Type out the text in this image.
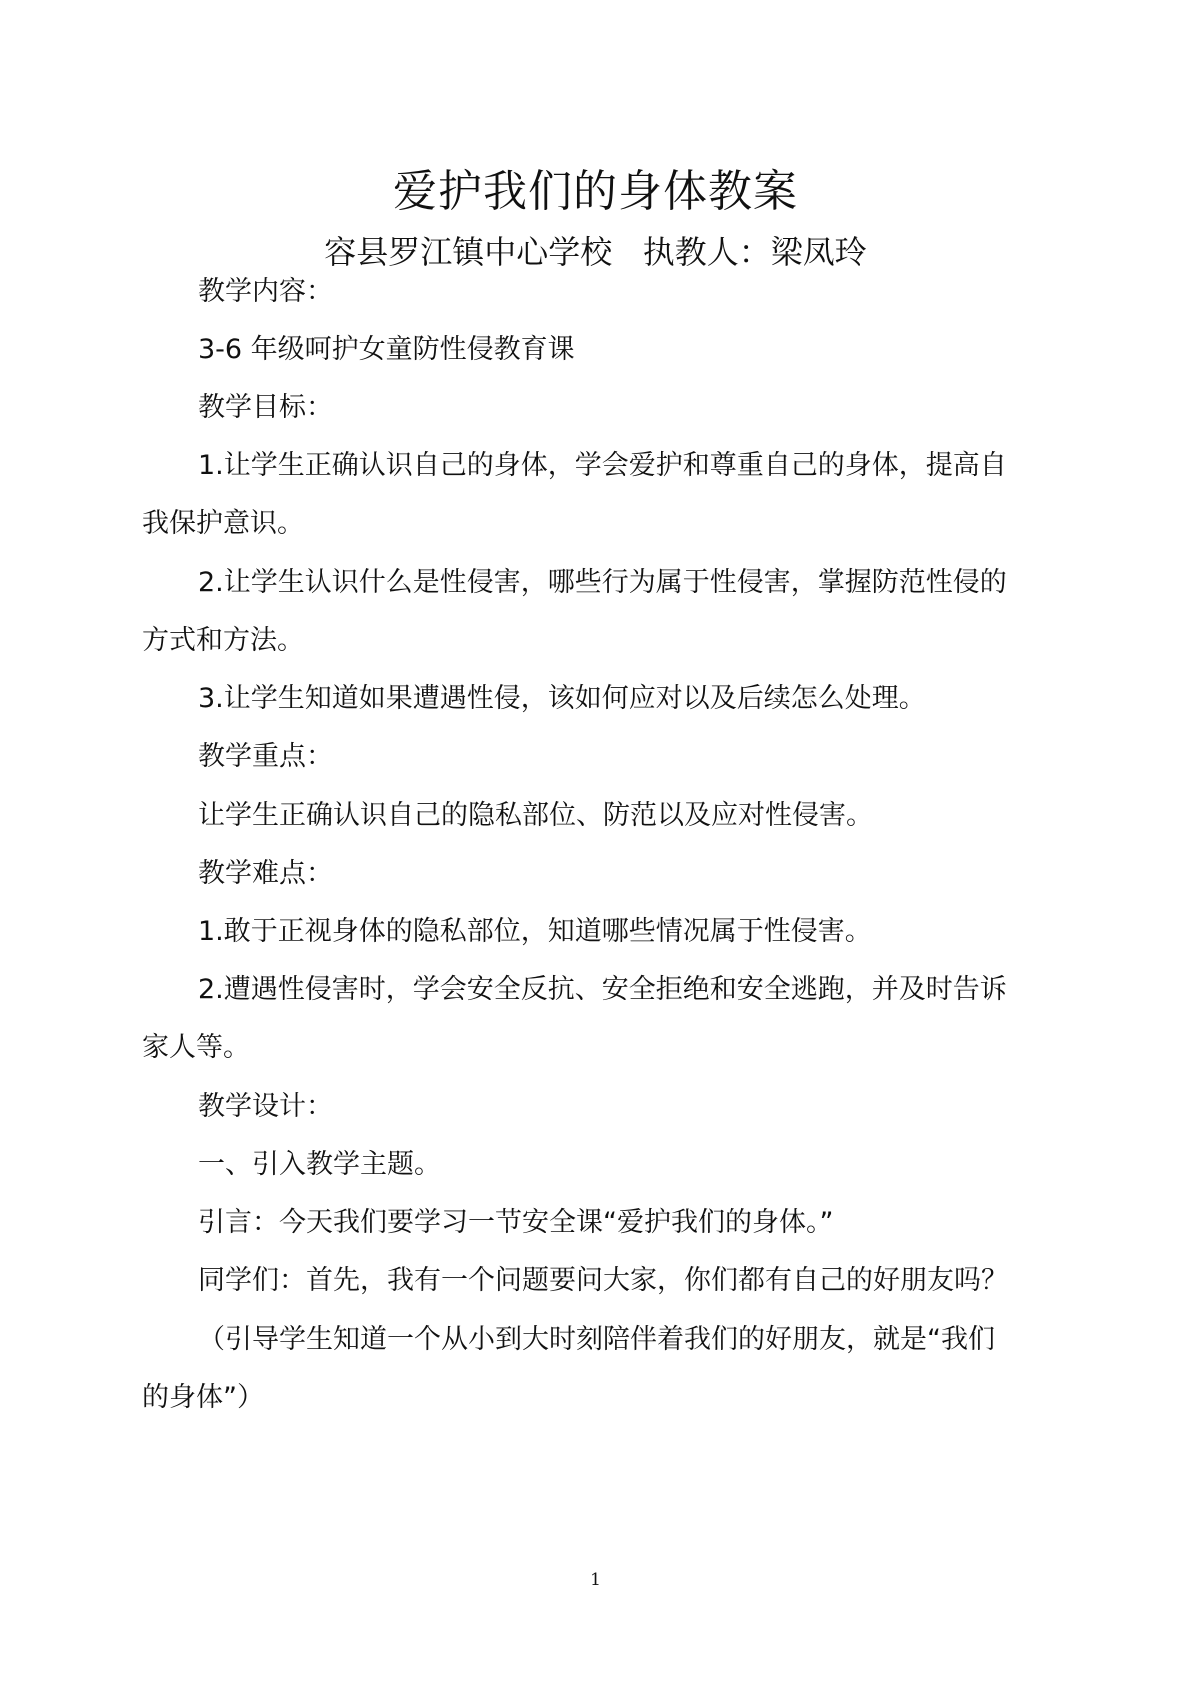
爱护我们的身体教案
容县罗江镇中心学校   执教人：梁凤玲
教学内容：
3-6 年级呵护女童防性侵教育课
教学目标：
1.让学生正确认识自己的身体，学会爱护和尊重自己的身体，提高自
我保护意识。
2.让学生认识什么是性侵害，哪些行为属于性侵害，掌握防范性侵的
方式和方法。
3.让学生知道如果遭遇性侵，该如何应对以及后续怎么处理。
教学重点：
让学生正确认识自己的隐私部位、防范以及应对性侵害。
教学难点：
1.敢于正视身体的隐私部位，知道哪些情况属于性侵害。
2.遭遇性侵害时，学会安全反抗、安全拒绝和安全逃跑，并及时告诉
家人等。
教学设计：
一、引入教学主题。
引言：今天我们要学习一节安全课“爱护我们的身体。”
同学们：首先，我有一个问题要问大家，你们都有自己的好朋友吗？
（引导学生知道一个从小到大时刻陪伴着我们的好朋友，就是“我们
的身体”）
1
